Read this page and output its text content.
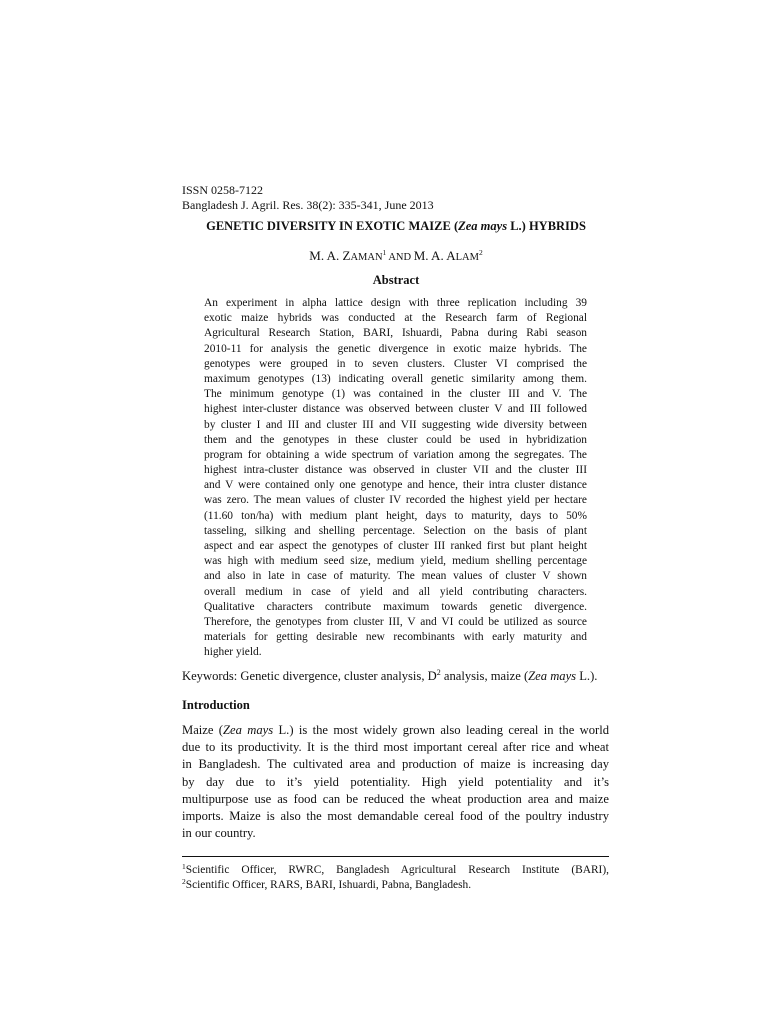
ISSN 0258-7122
Bangladesh J. Agril. Res. 38(2): 335-341, June 2013
GENETIC DIVERSITY IN EXOTIC MAIZE (Zea mays L.) HYBRIDS
M. A. ZAMAN$^1$ AND M. A. ALAM$^2$
Abstract
An experiment in alpha lattice design with three replication including 39
exotic maize hybrids was conducted at the Research farm of Regional
Agricultural Research Station, BARI, Ishuardi, Pabna during Rabi season
2010-11 for analysis the genetic divergence in exotic maize hybrids. The
genotypes were grouped in to seven clusters. Cluster VI comprised the
maximum genotypes (13) indicating overall genetic similarity among them.
The minimum genotype (1) was contained in the cluster III and V. The
highest inter-cluster distance was observed between cluster V and III followed
by cluster I and III and cluster III and VII suggesting wide diversity between
them and the genotypes in these cluster could be used in hybridization
program for obtaining a wide spectrum of variation among the segregates. The
highest intra-cluster distance was observed in cluster VII and the cluster III
and V were contained only one genotype and hence, their intra cluster distance
was zero. The mean values of cluster IV recorded the highest yield per hectare
(11.60 ton/ha) with medium plant height, days to maturity, days to 50%
tasseling, silking and shelling percentage. Selection on the basis of plant
aspect and ear aspect the genotypes of cluster III ranked first but plant height
was high with medium seed size, medium yield, medium shelling percentage
and also in late in case of maturity. The mean values of cluster V shown
overall medium in case of yield and all yield contributing characters.
Qualitative characters contribute maximum towards genetic divergence.
Therefore, the genotypes from cluster III, V and VI could be utilized as source
materials for getting desirable new recombinants with early maturity and
higher yield.
Keywords: Genetic divergence, cluster analysis, $D^2$ analysis, maize (Zea mays L.).
Introduction
Maize (Zea mays L.) is the most widely grown also leading cereal in the world
due to its productivity. It is the third most important cereal after rice and wheat
in Bangladesh. The cultivated area and production of maize is increasing day
by day due to it’s yield potentiality. High yield potentiality and it’s
multipurpose use as food can be reduced the wheat production area and maize
imports. Maize is also the most demandable cereal food of the poultry industry
in our country.
$^1$Scientific Officer, RWRC, Bangladesh Agricultural Research Institute (BARI),
$^2$Scientific Officer, RARS, BARI, Ishuardi, Pabna, Bangladesh.
